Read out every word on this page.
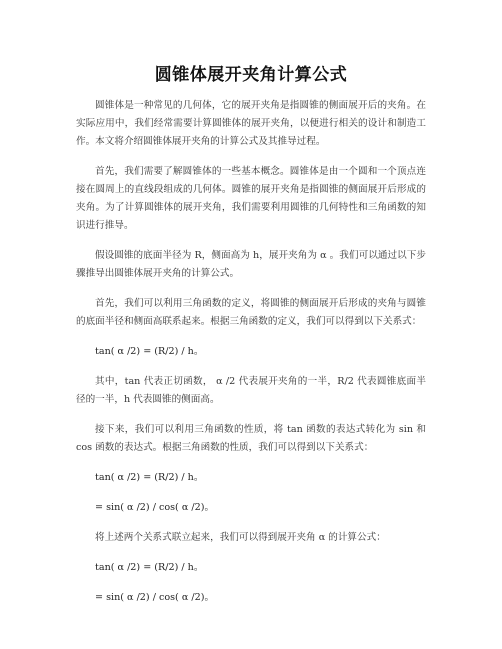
圆锥体展开夹角计算公式

圆锥体是一种常见的几何体，它的展开夹角是指圆锥的侧面展开后的夹角。在实际应用中，我们经常需要计算圆锥体的展开夹角，以便进行相关的设计和制造工作。本文将介绍圆锥体展开夹角的计算公式及其推导过程。

首先，我们需要了解圆锥体的一些基本概念。圆锥体是由一个圆和一个顶点连接在圆周上的直线段组成的几何体。圆锥的展开夹角是指圆锥的侧面展开后形成的夹角。为了计算圆锥体的展开夹角，我们需要利用圆锥的几何特性和三角函数的知识进行推导。

假设圆锥的底面半径为 R，侧面高为 h，展开夹角为 α 。我们可以通过以下步骤推导出圆锥体展开夹角的计算公式。

首先，我们可以利用三角函数的定义，将圆锥的侧面展开后形成的夹角与圆锥的底面半径和侧面高联系起来。根据三角函数的定义，我们可以得到以下关系式：

tan( α /2) = (R/2) / h。

其中，tan 代表正切函数， α /2 代表展开夹角的一半，R/2 代表圆锥底面半径的一半，h 代表圆锥的侧面高。

接下来，我们可以利用三角函数的性质，将 tan 函数的表达式转化为 sin 和 cos 函数的表达式。根据三角函数的性质，我们可以得到以下关系式：

tan( α /2) = (R/2) / h。

= sin( α /2) / cos( α /2)。

将上述两个关系式联立起来，我们可以得到展开夹角 α 的计算公式：

tan( α /2) = (R/2) / h。

= sin( α /2) / cos( α /2)。
